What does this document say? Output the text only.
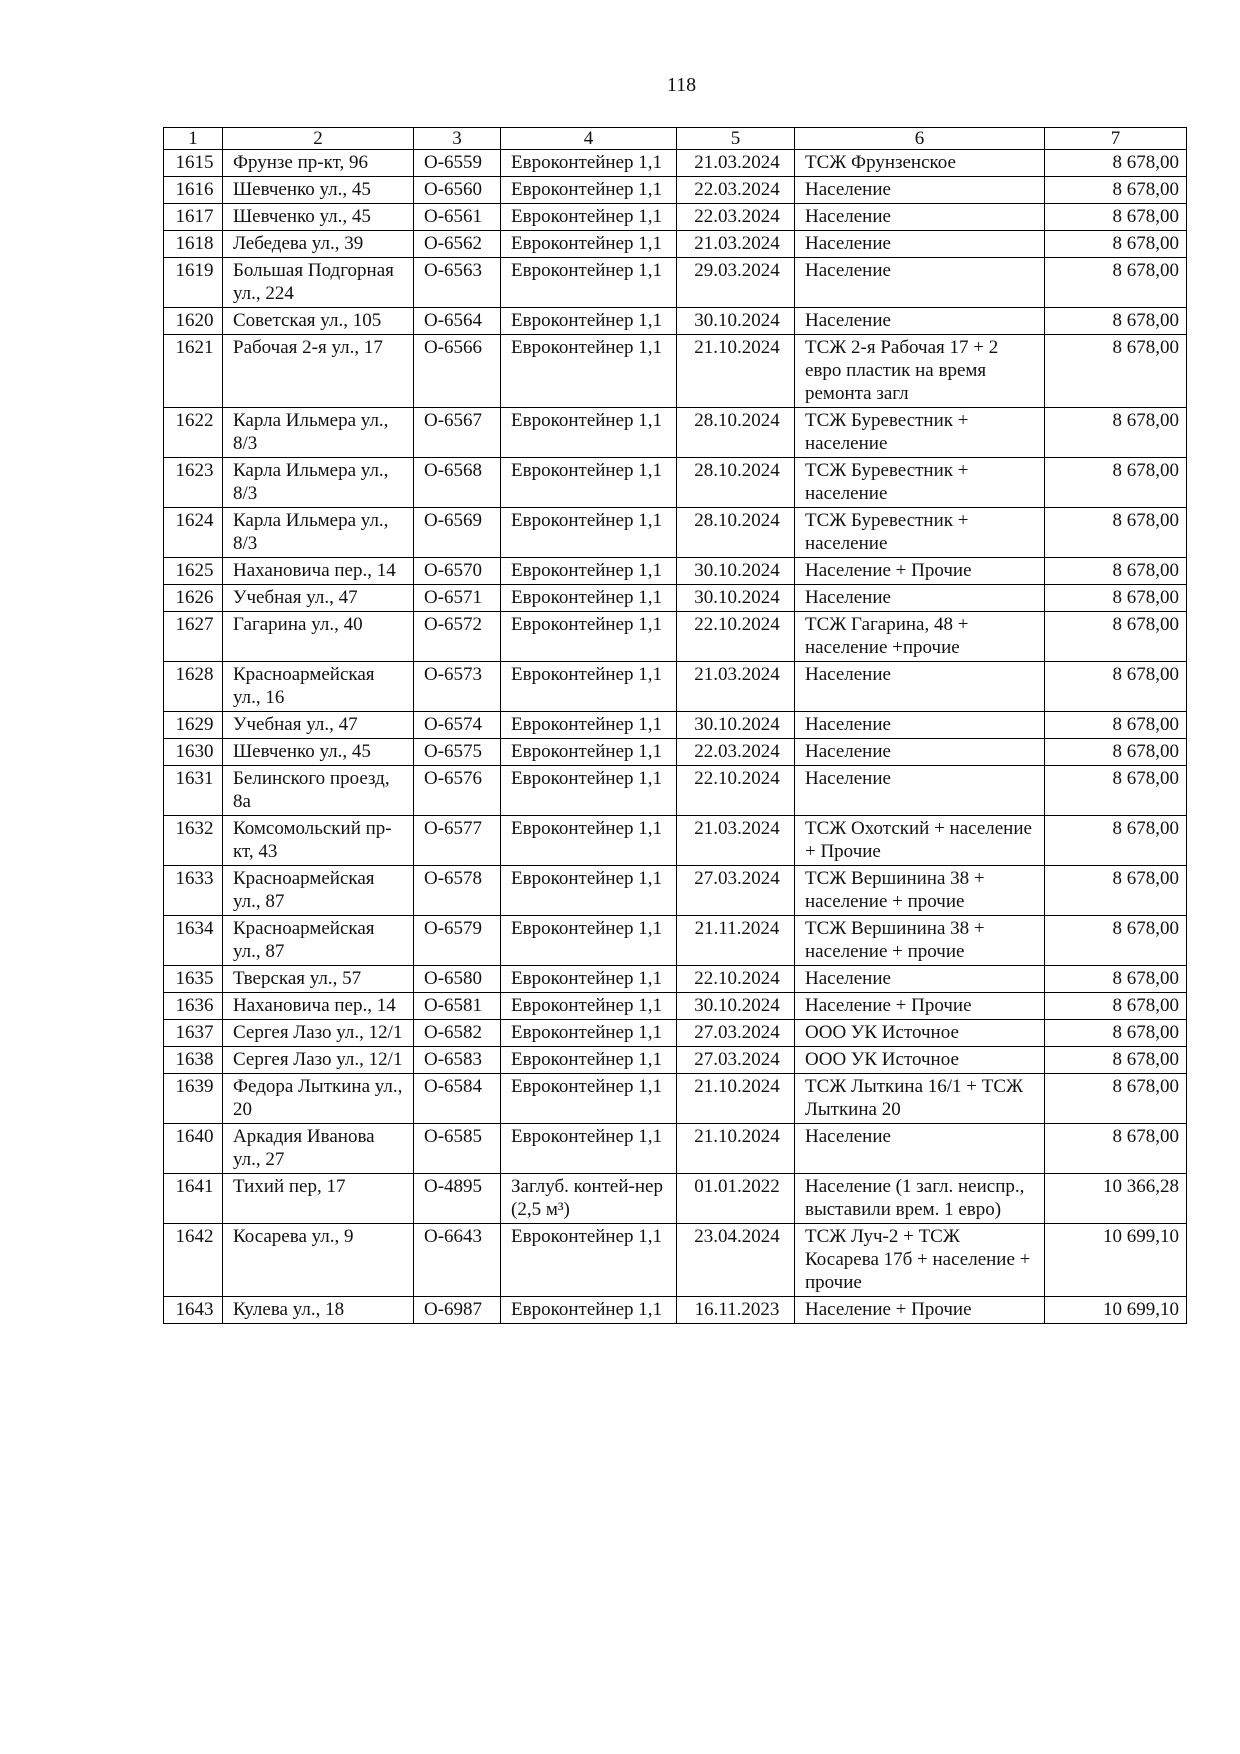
118
1	2	3	4	5	6	7
1615	Фрунзе пр-кт, 96	О-6559	Евроконтейнер 1,1	21.03.2024	ТСЖ Фрунзенское	8 678,00
1616	Шевченко ул., 45	О-6560	Евроконтейнер 1,1	22.03.2024	Население	8 678,00
1617	Шевченко ул., 45	О-6561	Евроконтейнер 1,1	22.03.2024	Население	8 678,00
1618	Лебедева ул., 39	О-6562	Евроконтейнер 1,1	21.03.2024	Население	8 678,00
1619	Большая Подгорная ул., 224	О-6563	Евроконтейнер 1,1	29.03.2024	Население	8 678,00
1620	Советская ул., 105	О-6564	Евроконтейнер 1,1	30.10.2024	Население	8 678,00
1621	Рабочая 2-я ул., 17	О-6566	Евроконтейнер 1,1	21.10.2024	ТСЖ 2-я Рабочая 17 + 2 евро пластик на время ремонта загл	8 678,00
1622	Карла Ильмера ул., 8/3	О-6567	Евроконтейнер 1,1	28.10.2024	ТСЖ Буревестник + население	8 678,00
1623	Карла Ильмера ул., 8/3	О-6568	Евроконтейнер 1,1	28.10.2024	ТСЖ Буревестник + население	8 678,00
1624	Карла Ильмера ул., 8/3	О-6569	Евроконтейнер 1,1	28.10.2024	ТСЖ Буревестник + население	8 678,00
1625	Нахановича пер., 14	О-6570	Евроконтейнер 1,1	30.10.2024	Население + Прочие	8 678,00
1626	Учебная ул., 47	О-6571	Евроконтейнер 1,1	30.10.2024	Население	8 678,00
1627	Гагарина ул., 40	О-6572	Евроконтейнер 1,1	22.10.2024	ТСЖ Гагарина, 48 + население +прочие	8 678,00
1628	Красноармейская ул., 16	О-6573	Евроконтейнер 1,1	21.03.2024	Население	8 678,00
1629	Учебная ул., 47	О-6574	Евроконтейнер 1,1	30.10.2024	Население	8 678,00
1630	Шевченко ул., 45	О-6575	Евроконтейнер 1,1	22.03.2024	Население	8 678,00
1631	Белинского проезд, 8а	О-6576	Евроконтейнер 1,1	22.10.2024	Население	8 678,00
1632	Комсомольский пр-кт, 43	О-6577	Евроконтейнер 1,1	21.03.2024	ТСЖ Охотский + население + Прочие	8 678,00
1633	Красноармейская ул., 87	О-6578	Евроконтейнер 1,1	27.03.2024	ТСЖ Вершинина 38 + население + прочие	8 678,00
1634	Красноармейская ул., 87	О-6579	Евроконтейнер 1,1	21.11.2024	ТСЖ Вершинина 38 + население + прочие	8 678,00
1635	Тверская ул., 57	О-6580	Евроконтейнер 1,1	22.10.2024	Население	8 678,00
1636	Нахановича пер., 14	О-6581	Евроконтейнер 1,1	30.10.2024	Население + Прочие	8 678,00
1637	Сергея Лазо ул., 12/1	О-6582	Евроконтейнер 1,1	27.03.2024	ООО УК Источное	8 678,00
1638	Сергея Лазо ул., 12/1	О-6583	Евроконтейнер 1,1	27.03.2024	ООО УК Источное	8 678,00
1639	Федора Лыткина ул., 20	О-6584	Евроконтейнер 1,1	21.10.2024	ТСЖ Лыткина 16/1 + ТСЖ Лыткина 20	8 678,00
1640	Аркадия Иванова ул., 27	О-6585	Евроконтейнер 1,1	21.10.2024	Население	8 678,00
1641	Тихий пер, 17	О-4895	Заглуб. контей-нер (2,5 м³)	01.01.2022	Население (1 загл. неиспр., выставили врем. 1 евро)	10 366,28
1642	Косарева ул., 9	О-6643	Евроконтейнер 1,1	23.04.2024	ТСЖ Луч-2 + ТСЖ Косарева 17б + население + прочие	10 699,10
1643	Кулева ул., 18	О-6987	Евроконтейнер 1,1	16.11.2023	Население + Прочие	10 699,10
